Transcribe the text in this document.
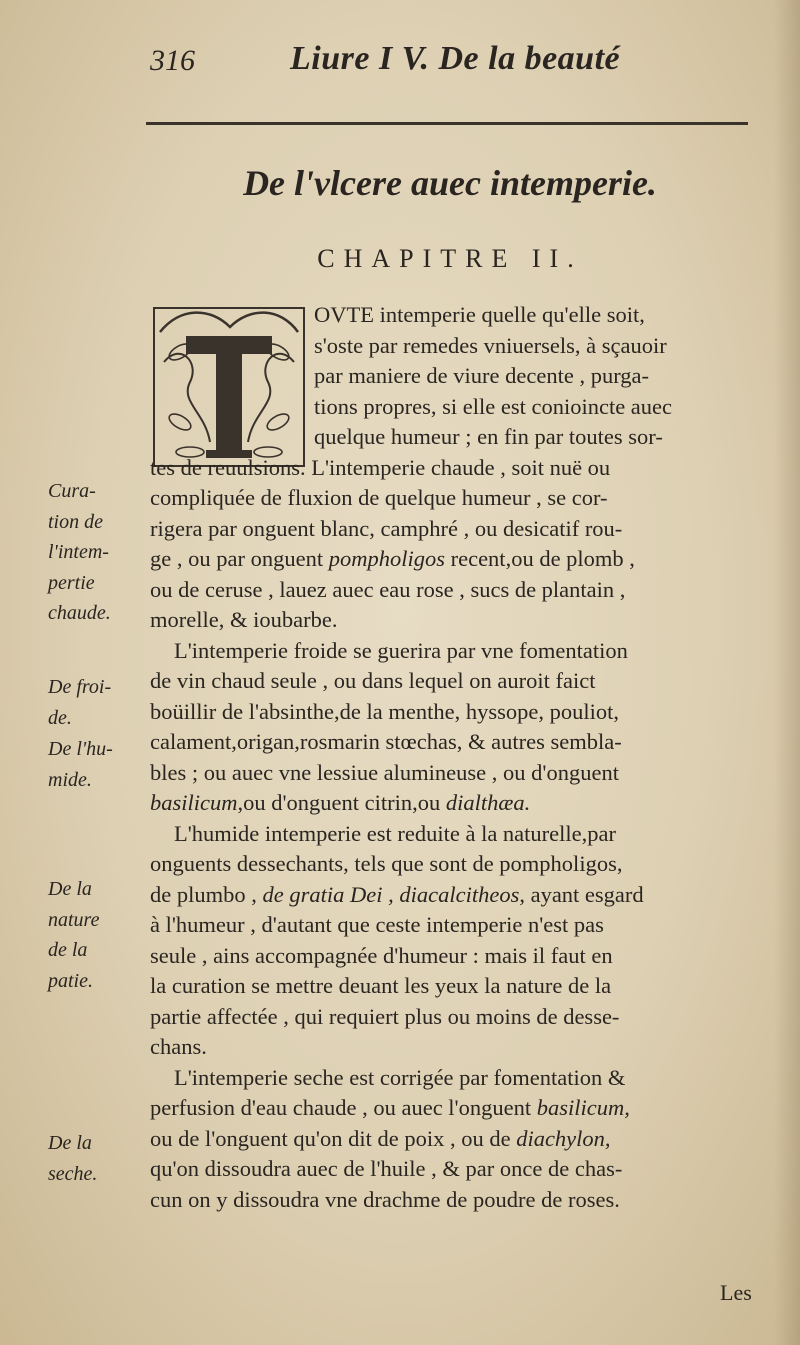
316	Liure I V. De la beauté
De l'vlcere auec intemperie.
CHAPITRE II.
OVTE intemperie quelle qu'elle soit,
s'oste par remedes vniuersels, à sçauoir
par maniere de viure decente , purga-
tions propres, si elle est conioincte auec
quelque humeur ; en fin par toutes sor-
tes de reuulsions. L'intemperie chaude , soit nuë ou
compliquée de fluxion de quelque humeur , se cor-
rigera par onguent blanc, camphré , ou desicatif rou-
ge , ou par onguent pompholigos recent,ou de plomb ,
ou de ceruse , lauez auec eau rose , sucs de plantain ,
morelle, & ioubarbe.
L'intemperie froide se guerira par vne fomentation
de vin chaud seule , ou dans lequel on auroit faict
boüillir de l'absinthe,de la menthe, hyssope, pouliot,
calament,origan,rosmarin stœchas, & autres sembla-
bles ; ou auec vne lessiue alumineuse , ou d'onguent
basilicum,ou d'onguent citrin,ou dialthæa.
L'humide intemperie est reduite à la naturelle,par
onguents dessechants, tels que sont de pompholigos,
de plumbo , de gratia Dei , diacalcitheos, ayant esgard
à l'humeur , d'autant que ceste intemperie n'est pas
seule , ains accompagnée d'humeur : mais il faut en
la curation se mettre deuant les yeux la nature de la
partie affectée , qui requiert plus ou moins de desse-
chans.
L'intemperie seche est corrigée par fomentation &
perfusion d'eau chaude , ou auec l'onguent basilicum,
ou de l'onguent qu'on dit de poix , ou de diachylon,
qu'on dissoudra auec de l'huile , & par once de chas-
cun on y dissoudra vne drachme de poudre de roses.
Cura-
tion de
l'intem-
pertie
chaude.
De froi-
de.
De l'hu-
mide.
De la
nature
de la
patie.
De la
seche.
Les
